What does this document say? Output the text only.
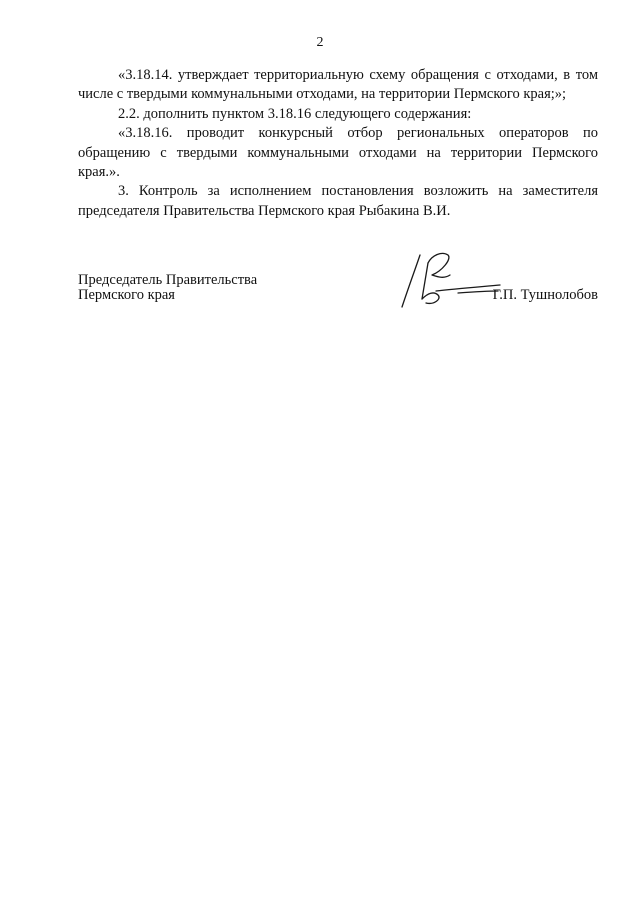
2

«3.18.14. утверждает территориальную схему обращения с отходами, в том числе с твердыми коммунальными отходами, на территории Пермского края;»;

2.2. дополнить пунктом 3.18.16 следующего содержания:

«3.18.16. проводит конкурсный отбор региональных операторов по обращению с твердыми коммунальными отходами на территории Пермского края.».

3. Контроль за исполнением постановления возложить на заместителя председателя Правительства Пермского края Рыбакина В.И.

Председатель Правительства
Пермского края	Г.П. Тушнолобов
